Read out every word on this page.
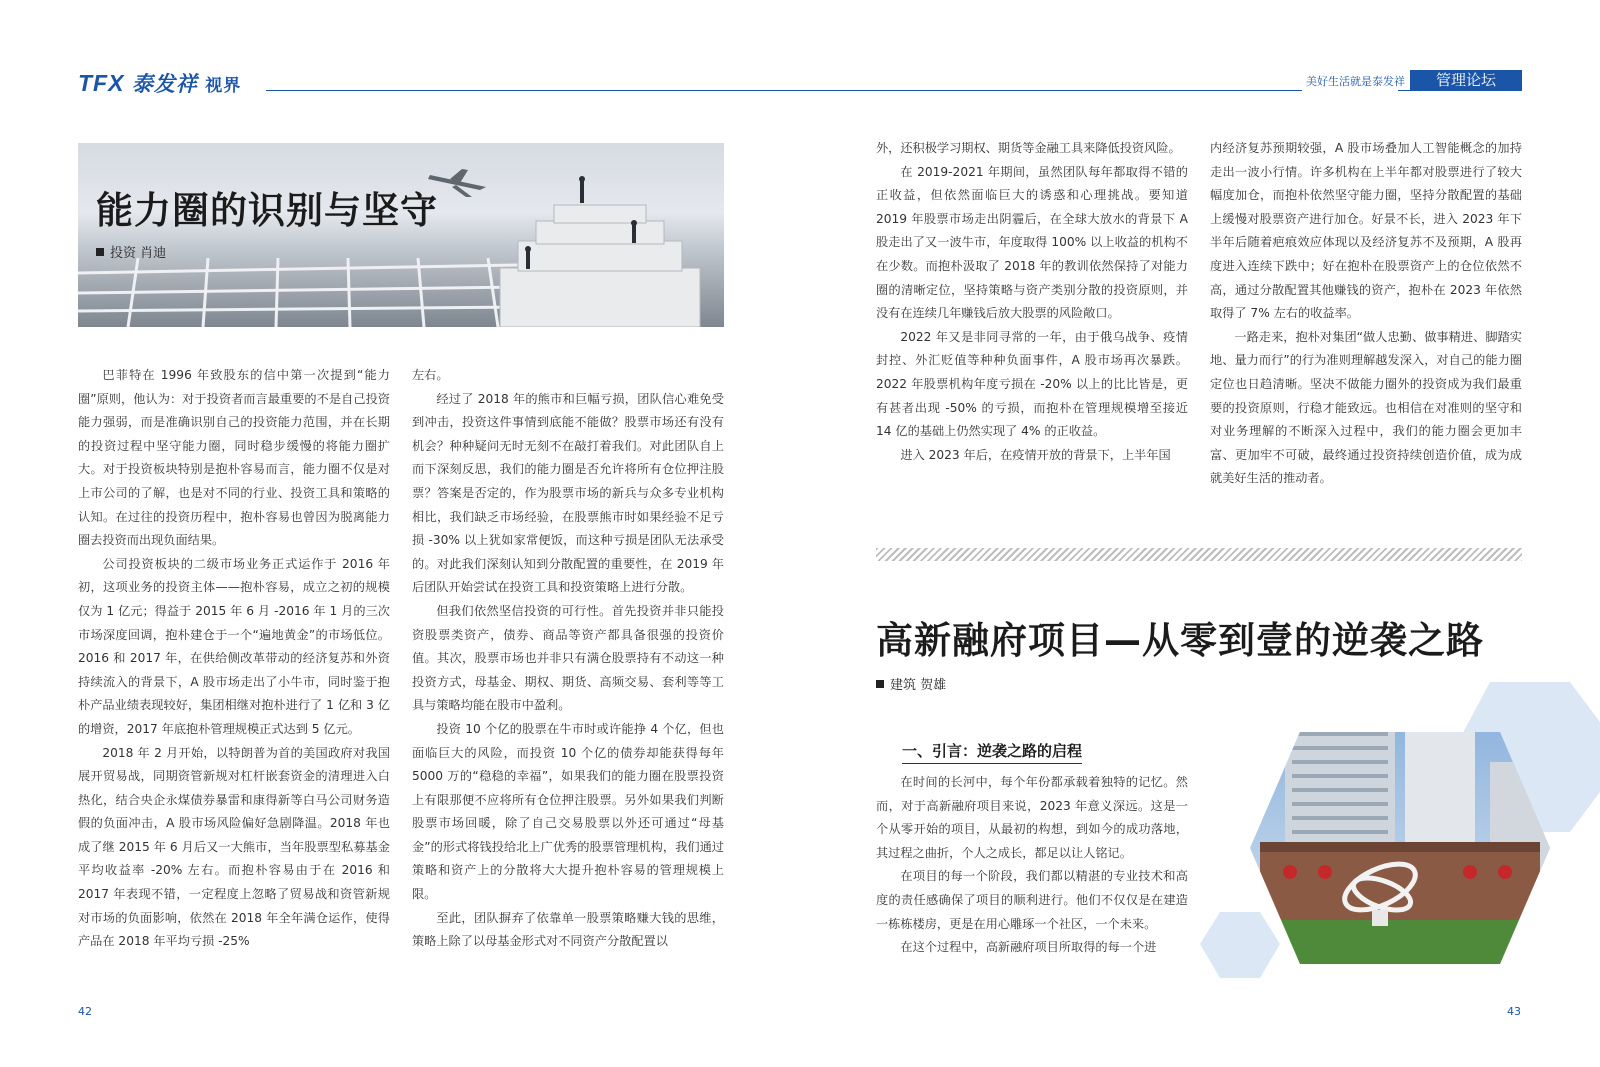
TFX 泰发祥 视界	美好生活就是泰发祥	管理论坛
能力圈的识别与坚守
投资 肖迪

巴菲特在 1996 年致股东的信中第一次提到“能力圈”原则，他认为：对于投资者而言最重要的不是自己投资能力强弱，而是准确识别自己的投资能力范围，并在长期的投资过程中坚守能力圈，同时稳步缓慢的将能力圈扩大。对于投资板块特别是抱朴容易而言，能力圈不仅是对上市公司的了解，也是对不同的行业、投资工具和策略的认知。在过往的投资历程中，抱朴容易也曾因为脱离能力圈去投资而出现负面结果。

公司投资板块的二级市场业务正式运作于 2016 年初，这项业务的投资主体——抱朴容易，成立之初的规模仅为 1 亿元；得益于 2015 年 6 月 -2016 年 1 月的三次市场深度回调，抱朴建仓于一个“遍地黄金”的市场低位。2016 和 2017 年，在供给侧改革带动的经济复苏和外资持续流入的背景下，A 股市场走出了小牛市，同时鉴于抱朴产品业绩表现较好，集团相继对抱朴进行了 1 亿和 3 亿的增资，2017 年底抱朴管理规模正式达到 5 亿元。

2018 年 2 月开始，以特朗普为首的美国政府对我国展开贸易战，同期资管新规对杠杆嵌套资金的清理进入白热化，结合央企永煤债券暴雷和康得新等白马公司财务造假的负面冲击，A 股市场风险偏好急剧降温。2018 年也成了继 2015 年 6 月后又一大熊市，当年股票型私募基金平均收益率 -20% 左右。而抱朴容易由于在 2016 和 2017 年表现不错，一定程度上忽略了贸易战和资管新规对市场的负面影响，依然在 2018 年全年满仓运作，使得产品在 2018 年平均亏损 -25%

左右。

经过了 2018 年的熊市和巨幅亏损，团队信心难免受到冲击，投资这件事情到底能不能做？股票市场还有没有机会？种种疑问无时无刻不在敲打着我们。对此团队自上而下深刻反思，我们的能力圈是否允许将所有仓位押注股票？答案是否定的，作为股票市场的新兵与众多专业机构相比，我们缺乏市场经验，在股票熊市时如果经验不足亏损 -30% 以上犹如家常便饭，而这种亏损是团队无法承受的。对此我们深刻认知到分散配置的重要性，在 2019 年后团队开始尝试在投资工具和投资策略上进行分散。

但我们依然坚信投资的可行性。首先投资并非只能投资股票类资产，债券、商品等资产都具备很强的投资价值。其次，股票市场也并非只有满仓股票持有不动这一种投资方式，母基金、期权、期货、高频交易、套利等等工具与策略均能在股市中盈利。

投资 10 个亿的股票在牛市时或许能挣 4 个亿，但也面临巨大的风险，而投资 10 个亿的债券却能获得每年 5000 万的“稳稳的幸福”，如果我们的能力圈在股票投资上有限那便不应将所有仓位押注股票。另外如果我们判断股票市场回暖，除了自己交易股票以外还可通过“母基金”的形式将钱投给北上广优秀的股票管理机构，我们通过策略和资产上的分散将大大提升抱朴容易的管理规模上限。

至此，团队摒弃了依靠单一股票策略赚大钱的思维，策略上除了以母基金形式对不同资产分散配置以

外，还积极学习期权、期货等金融工具来降低投资风险。

在 2019-2021 年期间，虽然团队每年都取得不错的正收益，但依然面临巨大的诱惑和心理挑战。要知道 2019 年股票市场走出阴霾后，在全球大放水的背景下 A 股走出了又一波牛市，年度取得 100% 以上收益的机构不在少数。而抱朴汲取了 2018 年的教训依然保持了对能力圈的清晰定位，坚持策略与资产类别分散的投资原则，并没有在连续几年赚钱后放大股票的风险敞口。

2022 年又是非同寻常的一年，由于俄乌战争、疫情封控、外汇贬值等种种负面事件，A 股市场再次暴跌。2022 年股票机构年度亏损在 -20% 以上的比比皆是，更有甚者出现 -50% 的亏损，而抱朴在管理规模增至接近 14 亿的基础上仍然实现了 4% 的正收益。

进入 2023 年后，在疫情开放的背景下，上半年国

内经济复苏预期较强，A 股市场叠加人工智能概念的加持走出一波小行情。许多机构在上半年都对股票进行了较大幅度加仓，而抱朴依然坚守能力圈，坚持分散配置的基础上缓慢对股票资产进行加仓。好景不长，进入 2023 年下半年后随着疤痕效应体现以及经济复苏不及预期，A 股再度进入连续下跌中；好在抱朴在股票资产上的仓位依然不高，通过分散配置其他赚钱的资产，抱朴在 2023 年依然取得了 7% 左右的收益率。

一路走来，抱朴对集团“做人忠勤、做事精进、脚踏实地、量力而行”的行为准则理解越发深入，对自己的能力圈定位也日趋清晰。坚决不做能力圈外的投资成为我们最重要的投资原则，行稳才能致远。也相信在对准则的坚守和对业务理解的不断深入过程中，我们的能力圈会更加丰富、更加牢不可破，最终通过投资持续创造价值，成为成就美好生活的推动者。

高新融府项目—从零到壹的逆袭之路
建筑 贺雄
一、引言：逆袭之路的启程

在时间的长河中，每个年份都承载着独特的记忆。然而，对于高新融府项目来说，2023 年意义深远。这是一个从零开始的项目，从最初的构想，到如今的成功落地，其过程之曲折，个人之成长，都足以让人铭记。

在项目的每一个阶段，我们都以精湛的专业技术和高度的责任感确保了项目的顺利进行。他们不仅仅是在建造一栋栋楼房，更是在用心雕琢一个社区，一个未来。

在这个过程中，高新融府项目所取得的每一个进

42	43
